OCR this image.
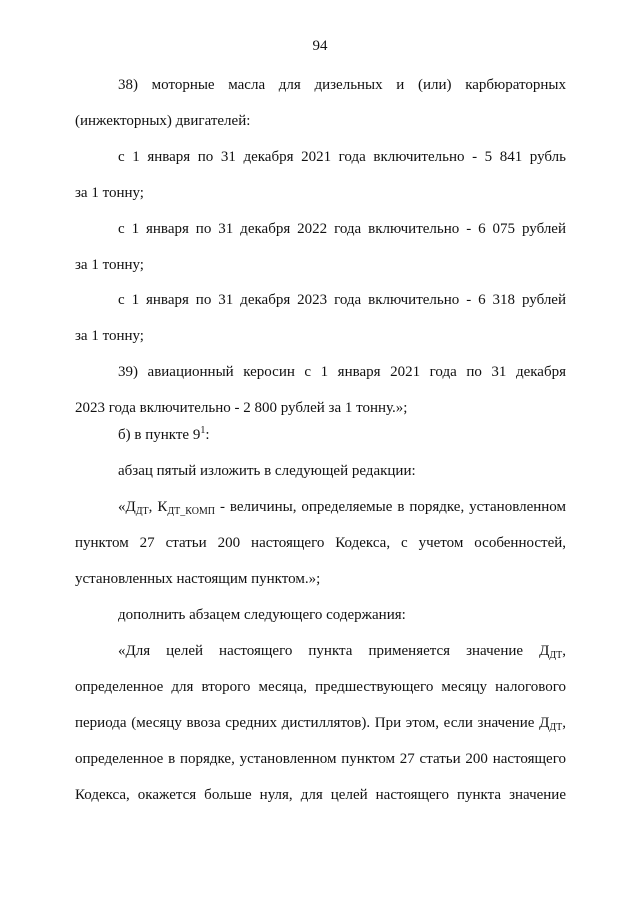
94
38) моторные масла для дизельных и (или) карбюраторных
(инжекторных) двигателей:
с 1 января по 31 декабря 2021 года включительно - 5 841 рубль
за 1 тонну;
с 1 января по 31 декабря 2022 года включительно - 6 075 рублей
за 1 тонну;
с 1 января по 31 декабря 2023 года включительно - 6 318 рублей
за 1 тонну;
39) авиационный керосин с 1 января 2021 года по 31 декабря
2023 года включительно - 2 800 рублей за 1 тонну.»;
б) в пункте $9^1$:
абзац пятый изложить в следующей редакции:
«$Д_{ДТ}$, $К_{ДТ\_КОМП}$ - величины, определяемые в порядке, установленном
пунктом 27 статьи 200 настоящего Кодекса, с учетом особенностей,
установленных настоящим пунктом.»;
дополнить абзацем следующего содержания:
«Для целей настоящего пункта применяется значение $Д_{ДТ}$,
определенное для второго месяца, предшествующего месяцу налогового
периода (месяцу ввоза средних дистиллятов). При этом, если значение $Д_{ДТ}$,
определенное в порядке, установленном пунктом 27 статьи 200 настоящего
Кодекса, окажется больше нуля, для целей настоящего пункта значение
